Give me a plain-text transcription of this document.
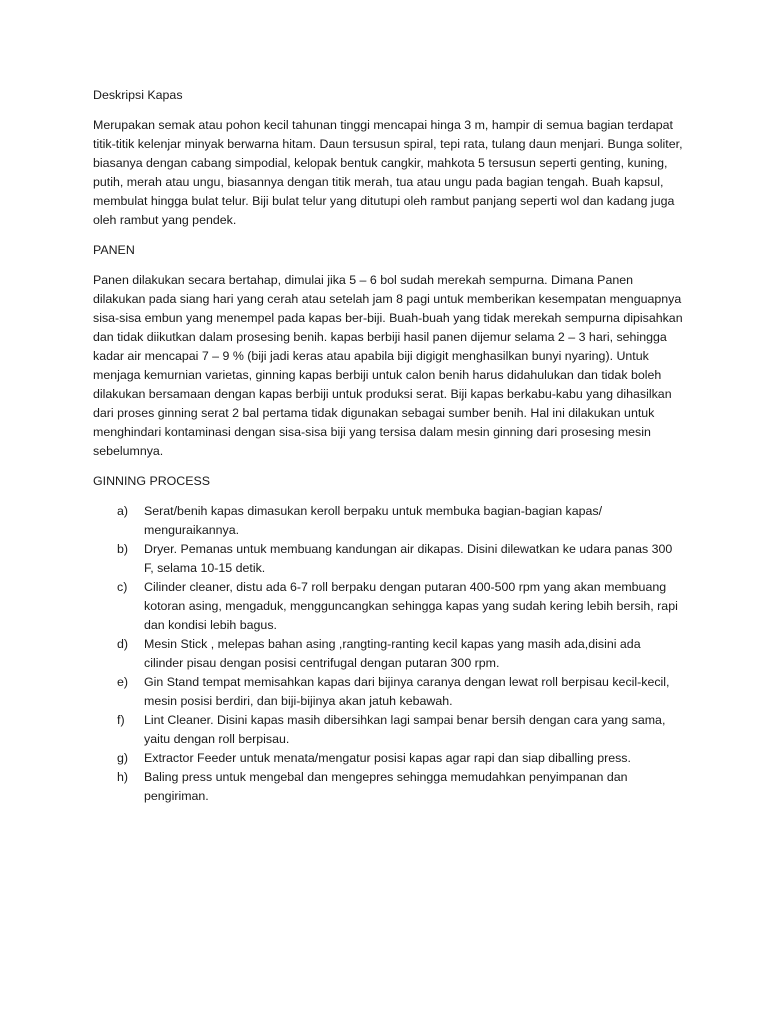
Deskripsi Kapas

Merupakan semak atau pohon kecil tahunan tinggi mencapai hinga 3 m, hampir di semua bagian terdapat titik-titik kelenjar minyak berwarna hitam. Daun tersusun spiral, tepi rata, tulang daun menjari. Bunga soliter, biasanya dengan cabang simpodial, kelopak bentuk cangkir, mahkota 5 tersusun seperti genting, kuning, putih, merah atau ungu, biasannya dengan titik merah, tua atau ungu pada bagian tengah. Buah kapsul, membulat hingga bulat telur. Biji bulat telur yang ditutupi oleh rambut panjang seperti wol dan kadang juga oleh rambut yang pendek.

PANEN

Panen dilakukan secara bertahap, dimulai jika 5 – 6 bol sudah merekah sempurna. Dimana Panen dilakukan pada siang hari yang cerah atau setelah jam 8 pagi untuk memberikan kesempatan menguapnya sisa-sisa embun yang menempel pada kapas ber-biji. Buah-buah yang tidak merekah sempurna dipisahkan dan tidak diikutkan dalam prosesing benih. kapas berbiji hasil panen dijemur selama 2 – 3 hari, sehingga kadar air mencapai 7 – 9 % (biji jadi keras atau apabila biji digigit menghasilkan bunyi nyaring). Untuk menjaga kemurnian varietas, ginning kapas berbiji untuk calon benih harus didahulukan dan tidak boleh dilakukan bersamaan dengan kapas berbiji untuk produksi serat. Biji kapas berkabu-kabu yang dihasilkan dari proses ginning serat 2 bal pertama tidak digunakan sebagai sumber benih. Hal ini dilakukan untuk menghindari kontaminasi dengan sisa-sisa biji yang tersisa dalam mesin ginning dari prosesing mesin sebelumnya.

GINNING PROCESS

a) Serat/benih kapas dimasukan keroll berpaku untuk membuka bagian-bagian kapas/ menguraikannya.
b) Dryer. Pemanas untuk membuang kandungan air dikapas. Disini dilewatkan ke udara panas 300 F, selama 10-15 detik.
c) Cilinder cleaner, distu ada 6-7 roll berpaku dengan putaran 400-500 rpm yang akan membuang kotoran asing, mengaduk, mengguncangkan sehingga kapas yang sudah kering lebih bersih, rapi dan kondisi lebih bagus.
d) Mesin Stick , melepas bahan asing ,rangting-ranting kecil kapas yang masih ada,disini ada cilinder pisau dengan posisi centrifugal dengan putaran 300 rpm.
e) Gin Stand tempat memisahkan kapas dari bijinya caranya dengan lewat roll berpisau kecil-kecil, mesin posisi berdiri, dan biji-bijinya akan jatuh kebawah.
f) Lint Cleaner. Disini kapas masih dibersihkan lagi sampai benar bersih dengan cara yang sama, yaitu dengan roll berpisau.
g) Extractor Feeder untuk menata/mengatur posisi kapas agar rapi dan siap diballing press.
h) Baling press untuk mengebal dan mengepres sehingga memudahkan penyimpanan dan pengiriman.
